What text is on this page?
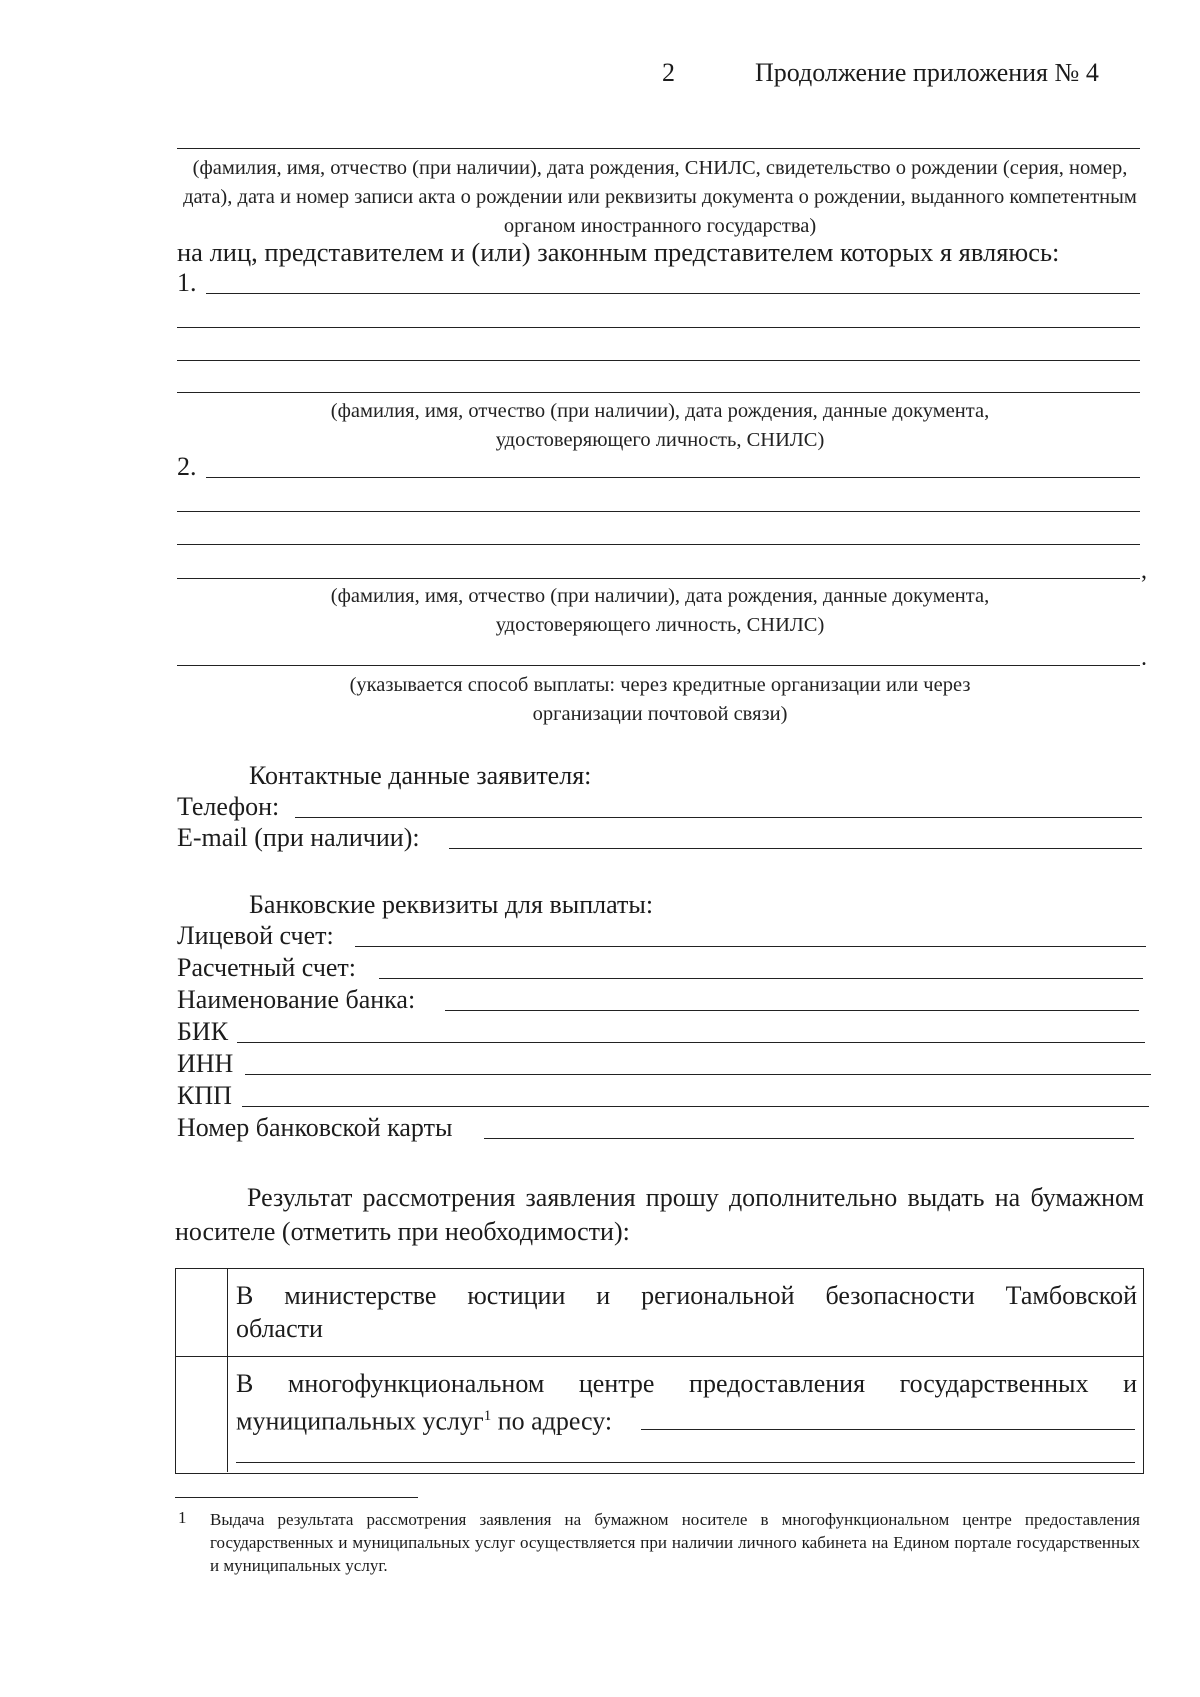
2	Продолжение приложения № 4
(фамилия, имя, отчество (при наличии), дата рождения, СНИЛС, свидетельство о рождении (серия, номер, дата), дата и номер записи акта о рождении или реквизиты документа о рождении, выданного компетентным органом иностранного государства)
на лиц, представителем и (или) законным представителем которых я являюсь:
1.
(фамилия, имя, отчество (при наличии), дата рождения, данные документа, удостоверяющего личность, СНИЛС)
2.
,
(фамилия, имя, отчество (при наличии), дата рождения, данные документа, удостоверяющего личность, СНИЛС)
.
(указывается способ выплаты: через кредитные организации или через организации почтовой связи)
Контактные данные заявителя:
Телефон:
E-mail (при наличии):
Банковские реквизиты для выплаты:
Лицевой счет:
Расчетный счет:
Наименование банка:
БИК
ИНН
КПП
Номер банковской карты
Результат рассмотрения заявления прошу дополнительно выдать на бумажном носителе (отметить при необходимости):
В министерстве юстиции и региональной безопасности Тамбовской
области
В многофункциональном центре предоставления государственных и
муниципальных услуг$^1$ по адресу:
1 Выдача результата рассмотрения заявления на бумажном носителе в многофункциональном центре предоставления государственных и муниципальных услуг осуществляется при наличии личного кабинета на Едином портале государственных и муниципальных услуг.
